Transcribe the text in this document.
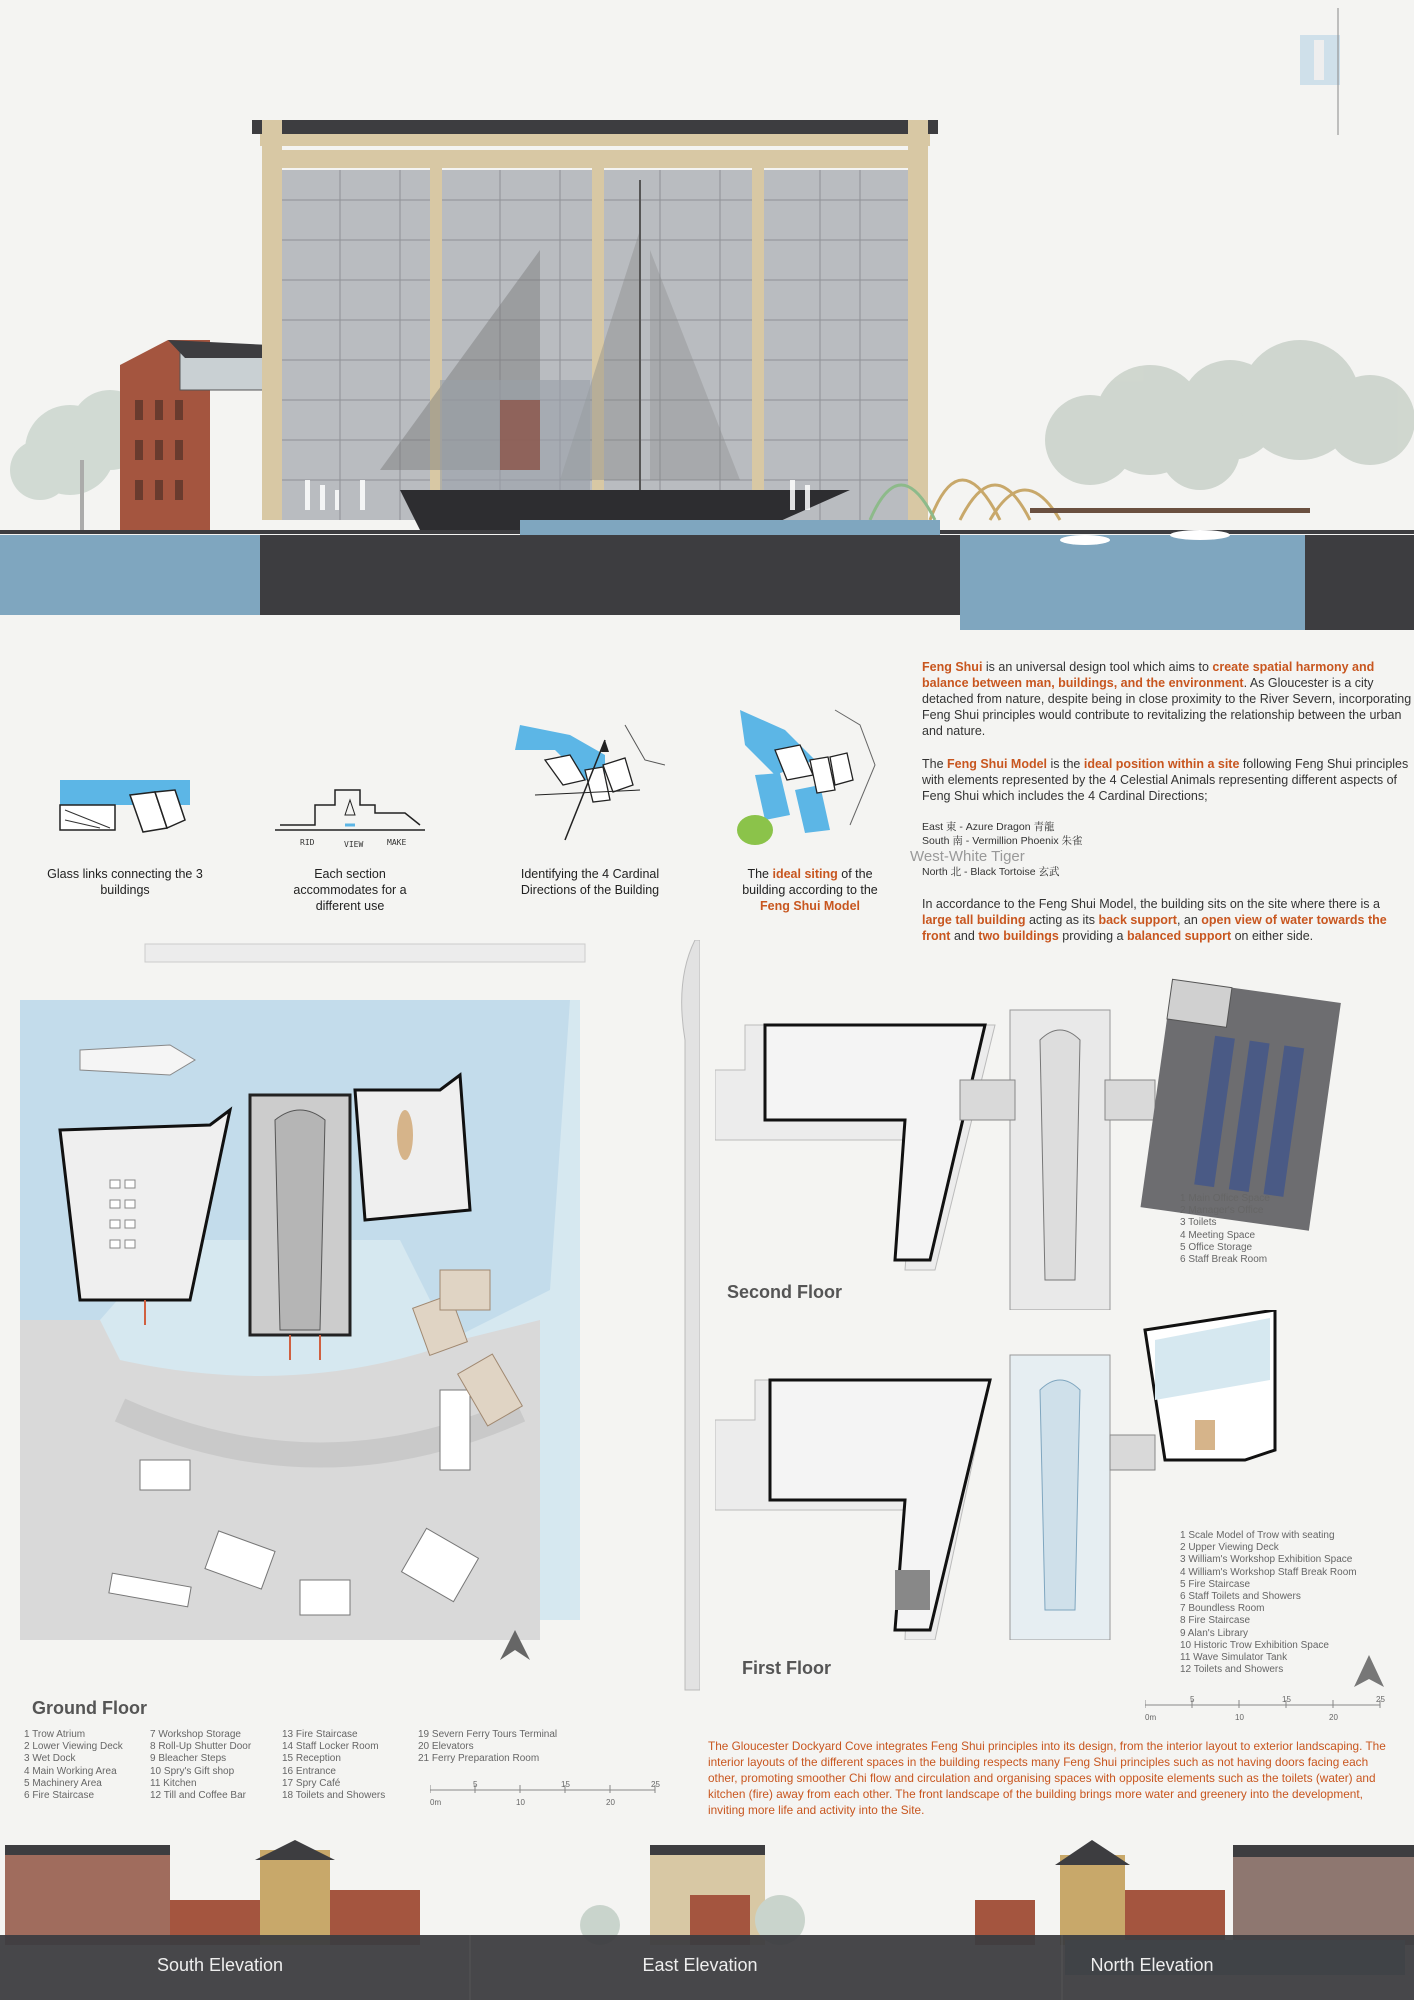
Glass links connecting the 3 buildings
RID	VIEW	MAKE
Each section accommodates for a different use
Identifying the 4 Cardinal Directions of the Building
The ideal siting of the building according to the Feng Shui Model
Feng Shui is an universal design tool which aims to create spatial harmony and balance between man, buildings, and the environment. As Gloucester is a city detached from nature, despite being in close proximity to the River Severn, incorporating Feng Shui principles would contribute to revitalizing the relationship between the urban and nature.
The Feng Shui Model is the ideal position within a site following Feng Shui principles with elements represented by the 4 Celestial Animals representing different aspects of Feng Shui which includes the 4 Cardinal Directions;
East 東 - Azure Dragon 青龍
South 南 - Vermillion Phoenix 朱雀
West-White Tiger
North 北 - Black Tortoise 玄武
In accordance to the Feng Shui Model, the building sits on the site where there is a large tall building acting as its back support, an open view of water towards the front and two buildings providing a balanced support on either side.
Ground Floor
1 Trow Atrium
2 Lower Viewing Deck
3 Wet Dock
4 Main Working Area
5 Machinery Area
6 Fire Staircase
7 Workshop Storage
8 Roll-Up Shutter Door
9 Bleacher Steps
10 Spry's Gift shop
11 Kitchen
12 Till and Coffee Bar
13 Fire Staircase
14 Staff Locker Room
15 Reception
16 Entrance
17 Spry Café
18 Toilets and Showers
19 Severn Ferry Tours Terminal
20 Elevators
21 Ferry Preparation Room
0m
5
10
15
20
25
1 Main Office Space
2 Manager's Office
3 Toilets
4 Meeting Space
5 Office Storage
6 Staff Break Room
Second Floor
1 Scale Model of Trow with seating
2 Upper Viewing Deck
3 William's Workshop Exhibition Space
4 William's Workshop Staff Break Room
5 Fire Staircase
6 Staff Toilets and Showers
7 Boundless Room
8 Fire Staircase
9 Alan's Library
10 Historic Trow Exhibition Space
11 Wave Simulator Tank
12 Toilets and Showers
First Floor
0m
5
10
15
20
25
The Gloucester Dockyard Cove integrates Feng Shui principles into its design, from the interior layout to exterior landscaping. The interior layouts of the different spaces in the building respects many Feng Shui principles such as not having doors facing each other, promoting smoother Chi flow and circulation and organising spaces with opposite elements such as the toilets (water) and kitchen (fire) away from each other. The front landscape of the building brings more water and greenery into the development, inviting more life and activity into the Site.
South Elevation	East Elevation	North Elevation
